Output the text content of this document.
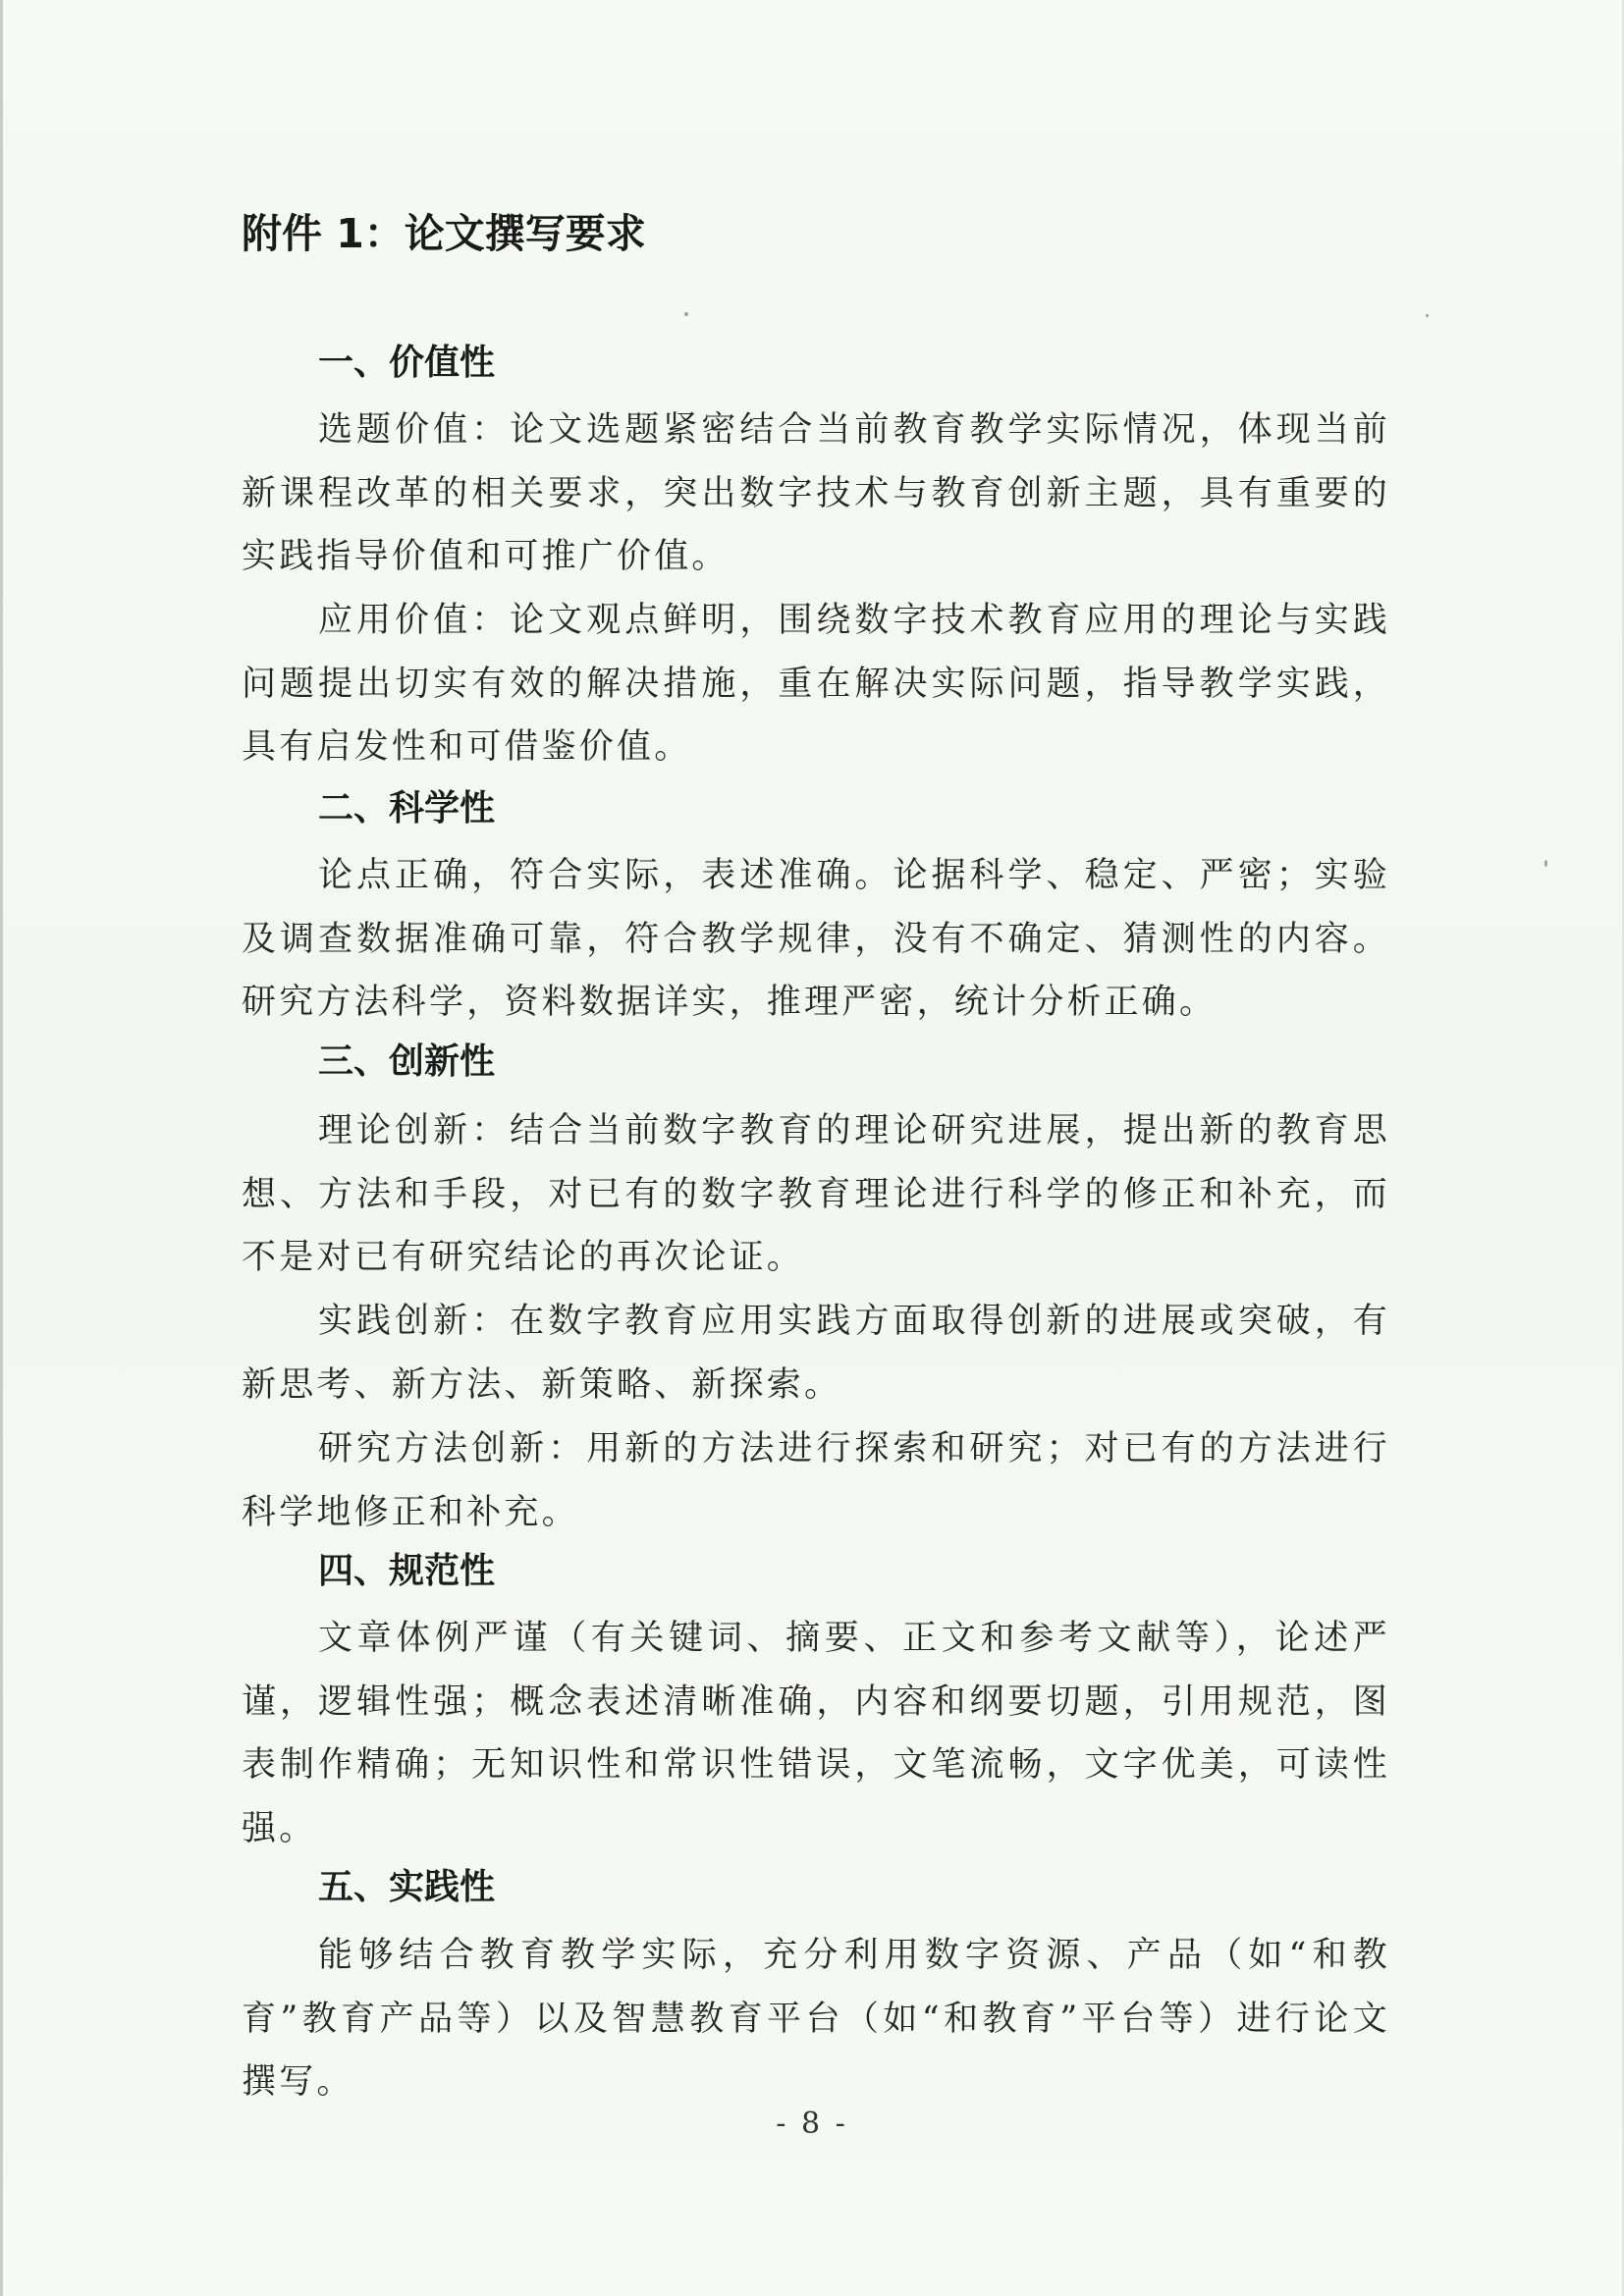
附件 1：论文撰写要求
一、价值性

选题价值：论文选题紧密结合当前教育教学实际情况，体现当前新课程改革的相关要求，突出数字技术与教育创新主题，具有重要的实践指导价值和可推广价值。

应用价值：论文观点鲜明，围绕数字技术教育应用的理论与实践问题提出切实有效的解决措施，重在解决实际问题，指导教学实践，具有启发性和可借鉴价值。

二、科学性

论点正确，符合实际，表述准确。论据科学、稳定、严密；实验及调查数据准确可靠，符合教学规律，没有不确定、猜测性的内容。研究方法科学，资料数据详实，推理严密，统计分析正确。

三、创新性

理论创新：结合当前数字教育的理论研究进展，提出新的教育思想、方法和手段，对已有的数字教育理论进行科学的修正和补充，而不是对已有研究结论的再次论证。

实践创新：在数字教育应用实践方面取得创新的进展或突破，有新思考、新方法、新策略、新探索。

研究方法创新：用新的方法进行探索和研究；对已有的方法进行科学地修正和补充。

四、规范性

文章体例严谨（有关键词、摘要、正文和参考文献等），论述严谨，逻辑性强；概念表述清晰准确，内容和纲要切题，引用规范，图表制作精确；无知识性和常识性错误，文笔流畅，文字优美，可读性强。

五、实践性

能够结合教育教学实际，充分利用数字资源、产品（如“和教育”教育产品等）以及智慧教育平台（如“和教育”平台等）进行论文撰写。

- 8 -
